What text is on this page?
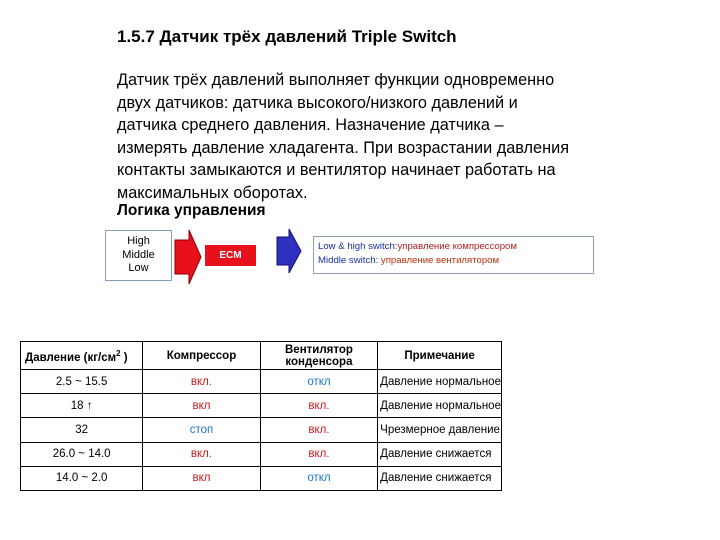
1.5.7 Датчик трёх давлений Triple Switch
Датчик трёх давлений выполняет функции одновременно
двух датчиков: датчика высокого/низкого давлений и
датчика среднего давления. Назначение датчика –
измерять давление хладагента. При возрастании давления
контакты замыкаются и вентилятор начинает работать на
максимальных оборотах.
Логика управления
High
Middle
Low
ECM
Low & high switch:управление компрессором
Middle switch: управление вентилятором
Давление ($кг/см^2$ )	Компрессор	Вентилятор конденсора	Примечание
2.5 ~ 15.5	вкл.	откл	Давление нормальное
18 ↑	вкл	вкл.	Давление нормальное
32	стоп	вкл.	Чрезмерное давление
26.0 ~ 14.0	вкл.	вкл.	Давление снижается
14.0 ~ 2.0	вкл	откл	Давление снижается
